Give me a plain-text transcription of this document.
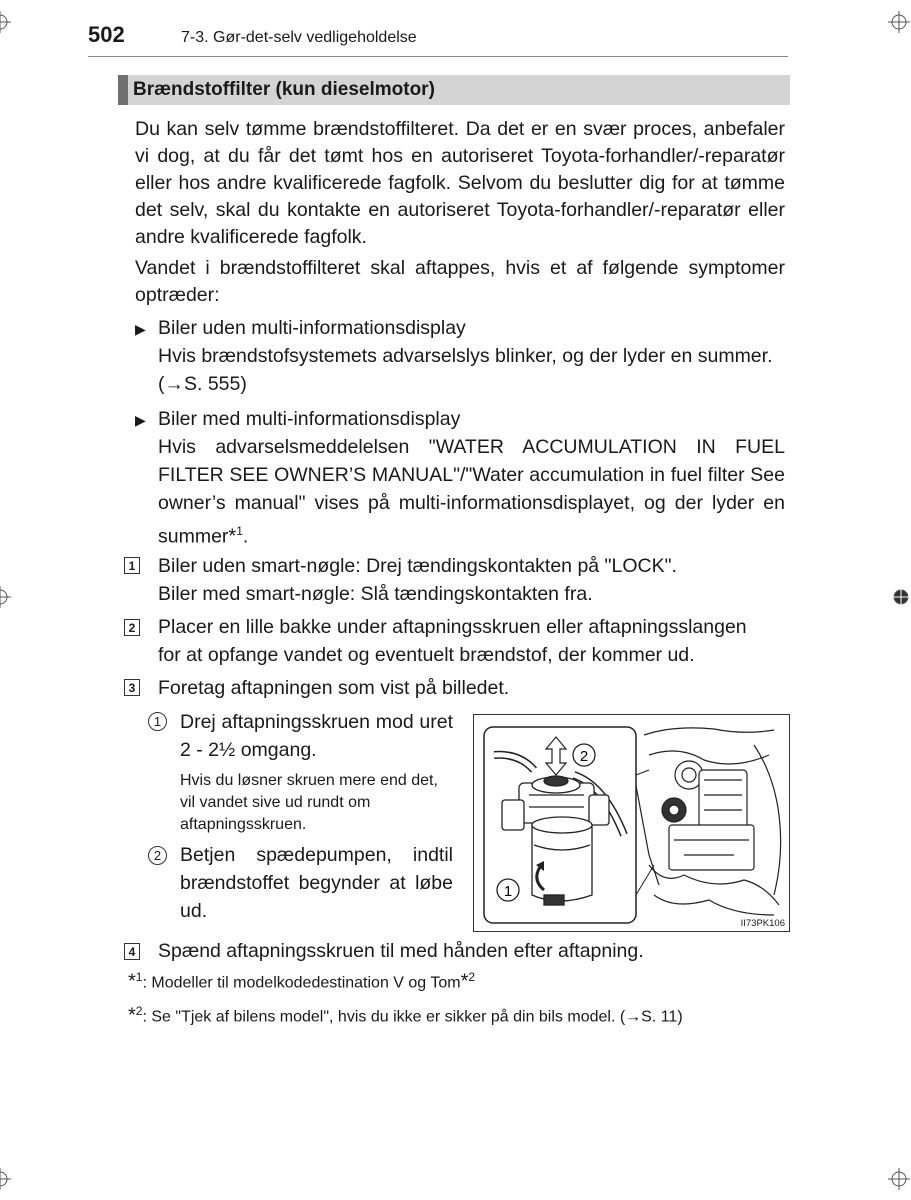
502	7-3. Gør-det-selv vedligeholdelse
Brændstoffilter (kun dieselmotor)
Du kan selv tømme brændstoffilteret. Da det er en svær proces, anbefaler vi dog, at du får det tømt hos en autoriseret Toyota-forhandler/-reparatør eller hos andre kvalificerede fagfolk. Selvom du beslutter dig for at tømme det selv, skal du kontakte en autoriseret Toyota-forhandler/-reparatør eller andre kvalificerede fagfolk.
Vandet i brændstoffilteret skal aftappes, hvis et af følgende symptomer optræder:
▶ Biler uden multi-informationsdisplay
Hvis brændstofsystemets advarselslys blinker, og der lyder en summer.
(→S. 555)
▶ Biler med multi-informationsdisplay
Hvis advarselsmeddelelsen "WATER ACCUMULATION IN FUEL FILTER SEE OWNER’S MANUAL"/"Water accumulation in fuel filter See owner’s manual" vises på multi-informationsdisplayet, og der lyder en summer*$^1$.
1 Biler uden smart-nøgle: Drej tændingskontakten på "LOCK".
Biler med smart-nøgle: Slå tændingskontakten fra.
2 Placer en lille bakke under aftapningsskruen eller aftapningsslangen
for at opfange vandet og eventuelt brændstof, der kommer ud.
3 Foretag aftapningen som vist på billedet.
1 Drej aftapningsskruen mod uret 2 - 2½ omgang.
Hvis du løsner skruen mere end det, vil vandet sive ud rundt om aftapningsskruen.
2 Betjen spædepumpen, indtil brændstoffet begynder at løbe ud.
2
1
II73PK106
4 Spænd aftapningsskruen til med hånden efter aftapning.
*$^1$: Modeller til modelkodedestination V og Tom*$^2$
*$^2$: Se "Tjek af bilens model", hvis du ikke er sikker på din bils model. (→S. 11)
